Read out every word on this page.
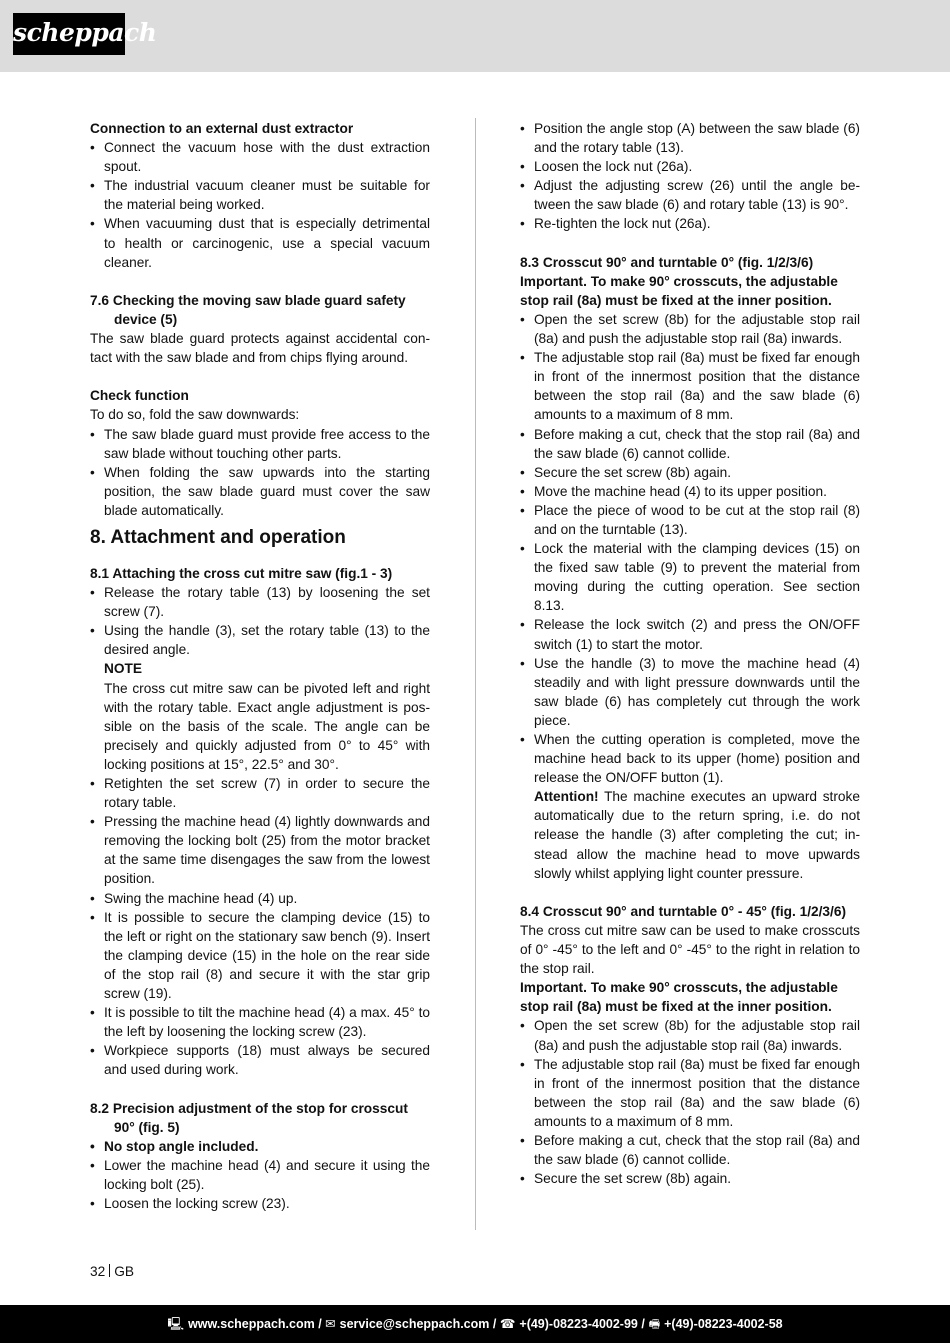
scheppach

Connection to an external dust extractor

• Connect the vacuum hose with the dust extraction spout.

• The industrial vacuum cleaner must be suitable for the material being worked.

• When vacuuming dust that is especially detrimental to health or carcinogenic, use a special vacuum cleaner.

7.6 Checking the moving saw blade guard safety device (5)

The saw blade guard protects against accidental contact with the saw blade and from chips flying around.

Check function

To do so, fold the saw downwards:

• The saw blade guard must provide free access to the saw blade without touching other parts.

• When folding the saw upwards into the starting position, the saw blade guard must cover the saw blade automatically.

8. Attachment and operation

8.1 Attaching the cross cut mitre saw (fig.1 - 3)

• Release the rotary table (13) by loosening the set screw (7).

• Using the handle (3), set the rotary table (13) to the desired angle.

NOTE

The cross cut mitre saw can be pivoted left and right with the rotary table. Exact angle adjustment is possible on the basis of the scale. The angle can be precisely and quickly adjusted from 0° to 45° with locking positions at 15°, 22.5° and 30°.

• Retighten the set screw (7) in order to secure the rotary table.

• Pressing the machine head (4) lightly downwards and removing the locking bolt (25) from the motor bracket at the same time disengages the saw from the lowest position.

• Swing the machine head (4) up.

• It is possible to secure the clamping device (15) to the left or right on the stationary saw bench (9). Insert the clamping device (15) in the hole on the rear side of the stop rail (8) and secure it with the star grip screw (19).

• It is possible to tilt the machine head (4) a max. 45° to the left by loosening the locking screw (23).

• Workpiece supports (18) must always be secured and used during work.

8.2 Precision adjustment of the stop for crosscut 90° (fig. 5)

• No stop angle included.

• Lower the machine head (4) and secure it using the locking bolt (25).

• Loosen the locking screw (23).

• Position the angle stop (A) between the saw blade (6) and the rotary table (13).

• Loosen the lock nut (26a).

• Adjust the adjusting screw (26) until the angle between the saw blade (6) and rotary table (13) is 90°.

• Re-tighten the lock nut (26a).

8.3 Crosscut 90° and turntable 0° (fig. 1/2/3/6)

Important. To make 90° crosscuts, the adjustable stop rail (8a) must be fixed at the inner position.

• Open the set screw (8b) for the adjustable stop rail (8a) and push the adjustable stop rail (8a) inwards.

• The adjustable stop rail (8a) must be fixed far enough in front of the innermost position that the distance between the stop rail (8a) and the saw blade (6) amounts to a maximum of 8 mm.

• Before making a cut, check that the stop rail (8a) and the saw blade (6) cannot collide.

• Secure the set screw (8b) again.

• Move the machine head (4) to its upper position.

• Place the piece of wood to be cut at the stop rail (8) and on the turntable (13).

• Lock the material with the clamping devices (15) on the fixed saw table (9) to prevent the material from moving during the cutting operation. See section 8.13.

• Release the lock switch (2) and press the ON/OFF switch (1) to start the motor.

• Use the handle (3) to move the machine head (4) steadily and with light pressure downwards until the saw blade (6) has completely cut through the work piece.

• When the cutting operation is completed, move the machine head back to its upper (home) position and release the ON/OFF button (1).

Attention! The machine executes an upward stroke automatically due to the return spring, i.e. do not release the handle (3) after completing the cut; instead allow the machine head to move upwards slowly whilst applying light counter pressure.

8.4 Crosscut 90° and turntable 0° - 45° (fig. 1/2/3/6)

The cross cut mitre saw can be used to make crosscuts of 0° -45° to the left and 0° -45° to the right in relation to the stop rail.

Important. To make 90° crosscuts, the adjustable stop rail (8a) must be fixed at the inner position.

• Open the set screw (8b) for the adjustable stop rail (8a) and push the adjustable stop rail (8a) inwards.

• The adjustable stop rail (8a) must be fixed far enough in front of the innermost position that the distance between the stop rail (8a) and the saw blade (6) amounts to a maximum of 8 mm.

• Before making a cut, check that the stop rail (8a) and the saw blade (6) cannot collide.

• Secure the set screw (8b) again.

32 GB
🖳 www.scheppach.com / ✉ service@scheppach.com / ☎ +(49)-08223-4002-99 / 🖷 +(49)-08223-4002-58
